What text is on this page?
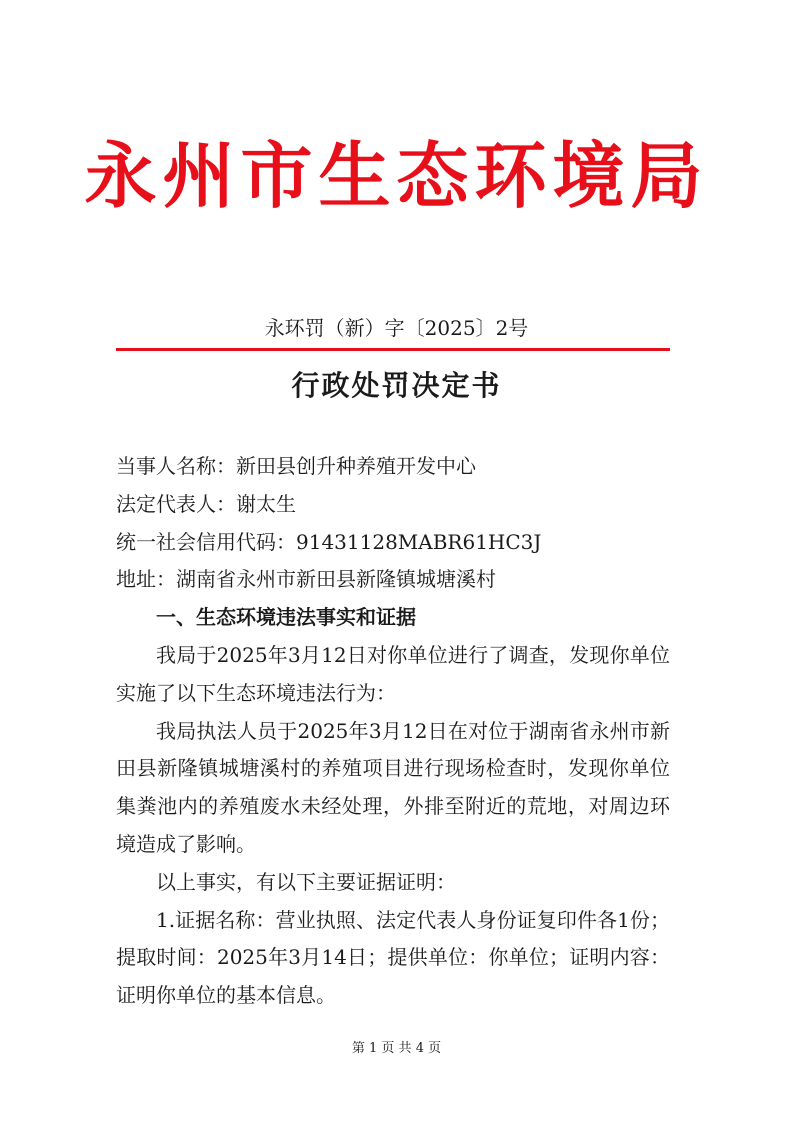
永州市生态环境局
永环罚（新）字〔2025〕2号
行政处罚决定书

当事人名称：新田县创升种养殖开发中心

法定代表人：谢太生

统一社会信用代码：91431128MABR61HC3J

地址：湖南省永州市新田县新隆镇城塘溪村

一、生态环境违法事实和证据

我局于2025年3月12日对你单位进行了调查，发现你单位实施了以下生态环境违法行为：

我局执法人员于2025年3月12日在对位于湖南省永州市新田县新隆镇城塘溪村的养殖项目进行现场检查时，发现你单位集粪池内的养殖废水未经处理，外排至附近的荒地，对周边环境造成了影响。

以上事实，有以下主要证据证明：

1.证据名称：营业执照、法定代表人身份证复印件各1份；提取时间：2025年3月14日；提供单位：你单位；证明内容：证明你单位的基本信息。

第 1 页 共 4 页
